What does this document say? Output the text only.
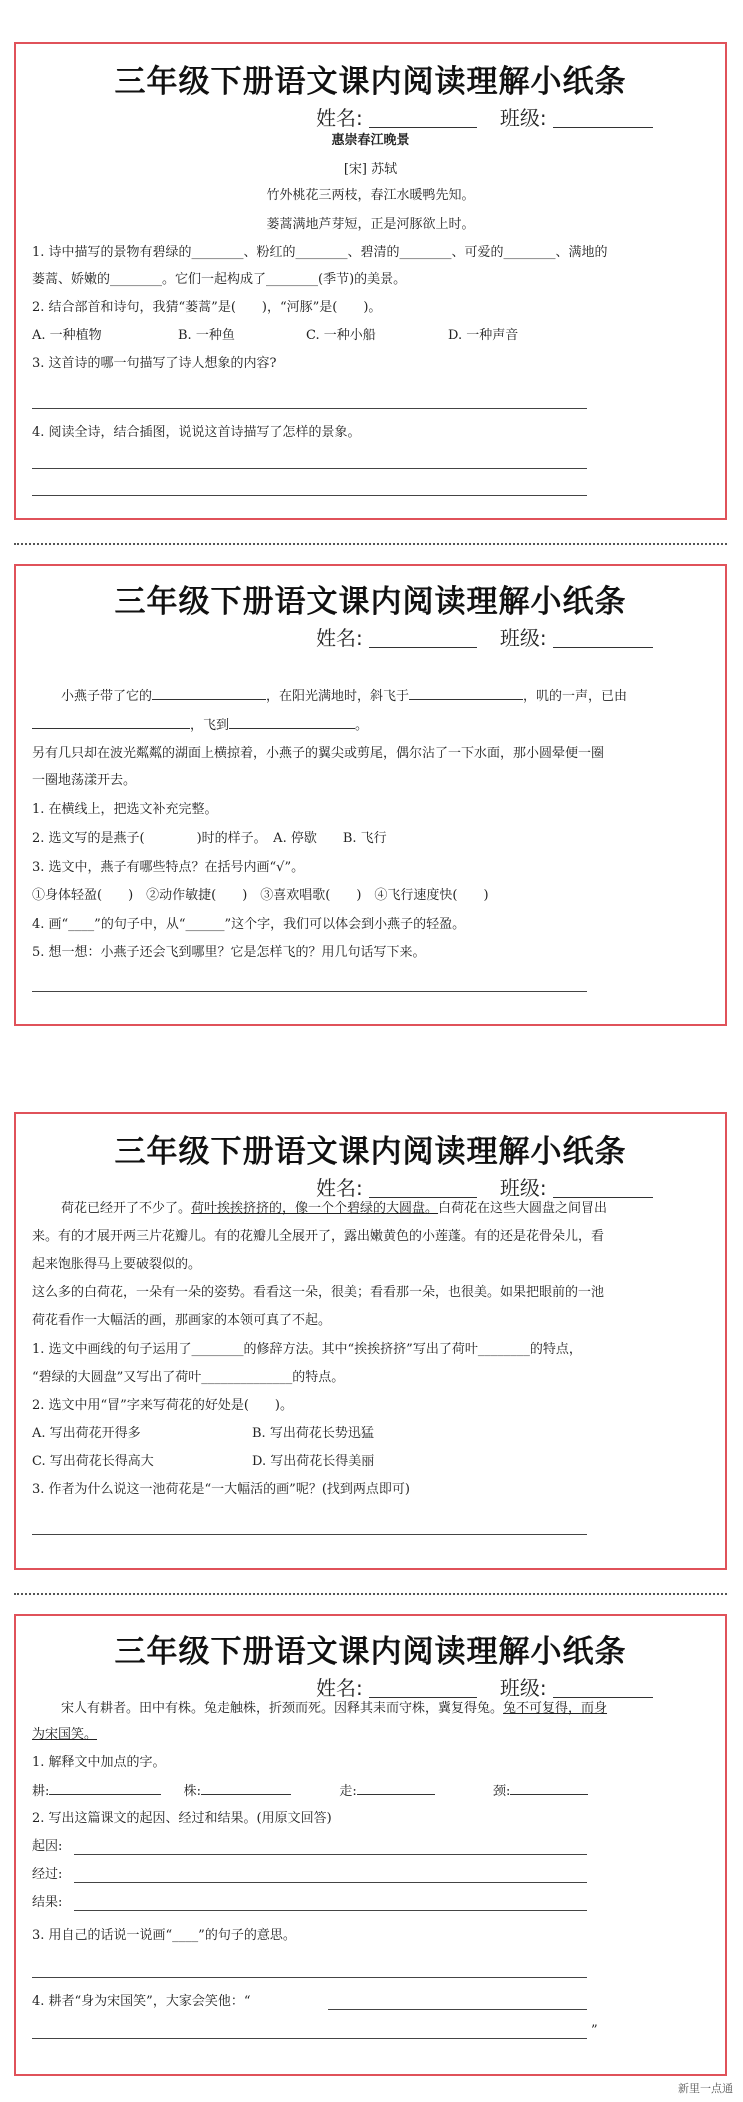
三年级下册语文课内阅读理解小纸条
姓名:	班级:
惠崇春江晚景
[宋] 苏轼
竹外桃花三两枝，春江水暖鸭先知。
蒌蒿满地芦芽短，正是河豚欲上时。
1. 诗中描写的景物有碧绿的________、粉红的________、碧清的________、可爱的________、满地的
蒌蒿、娇嫩的________。它们一起构成了________(季节)的美景。
2. 结合部首和诗句，我猜“蒌蒿”是(　　)，“河豚”是(　　)。
A. 一种植物	B. 一种鱼	C. 一种小船	D. 一种声音
3. 这首诗的哪一句描写了诗人想象的内容?
4. 阅读全诗，结合插图，说说这首诗描写了怎样的景象。
三年级下册语文课内阅读理解小纸条
姓名:	班级:
小燕子带了它的	，在阳光满地时，斜飞于	，叽的一声，已由
，飞到	。
另有几只却在波光粼粼的湖面上横掠着，小燕子的翼尖或剪尾，偶尔沾了一下水面，那小圆晕便一圈
一圈地荡漾开去。
1. 在横线上，把选文补充完整。
2. 选文写的是燕子(　　　　)时的样子。　A. 停歇　　B. 飞行
3. 选文中，燕子有哪些特点？在括号内画“√”。
①身体轻盈(　　)　②动作敏捷(　　)　③喜欢唱歌(　　)　④飞行速度快(　　)
4. 画“____”的句子中，从“______”这个字，我们可以体会到小燕子的轻盈。
5. 想一想：小燕子还会飞到哪里？它是怎样飞的？用几句话写下来。
三年级下册语文课内阅读理解小纸条
姓名:	班级:
荷花已经开了不少了。荷叶挨挨挤挤的，像一个个碧绿的大圆盘。白荷花在这些大圆盘之间冒出
来。有的才展开两三片花瓣儿。有的花瓣儿全展开了，露出嫩黄色的小莲蓬。有的还是花骨朵儿，看
起来饱胀得马上要破裂似的。
这么多的白荷花，一朵有一朵的姿势。看看这一朵，很美；看看那一朵，也很美。如果把眼前的一池
荷花看作一大幅活的画，那画家的本领可真了不起。
1. 选文中画线的句子运用了________的修辞方法。其中“挨挨挤挤”写出了荷叶________的特点，
“碧绿的大圆盘”又写出了荷叶______________的特点。
2. 选文中用“冒”字来写荷花的好处是(　　)。
A. 写出荷花开得多	B. 写出荷花长势迅猛
C. 写出荷花长得高大	D. 写出荷花长得美丽
3. 作者为什么说这一池荷花是“一大幅活的画”呢？(找到两点即可)
三年级下册语文课内阅读理解小纸条
姓名:	班级:
宋人有耕者。田中有株。兔走触株，折颈而死。因释其耒而守株，冀复得兔。兔不可复得，而身
为宋国笑。
1. 解释文中加点的字。
耕:	株:	走:	颈:
2. 写出这篇课文的起因、经过和结果。(用原文回答)
起因:
经过:
结果:
3. 用自己的话说一说画“____”的句子的意思。
4. 耕者“身为宋国笑”，大家会笑他：“
”
新里一点通
